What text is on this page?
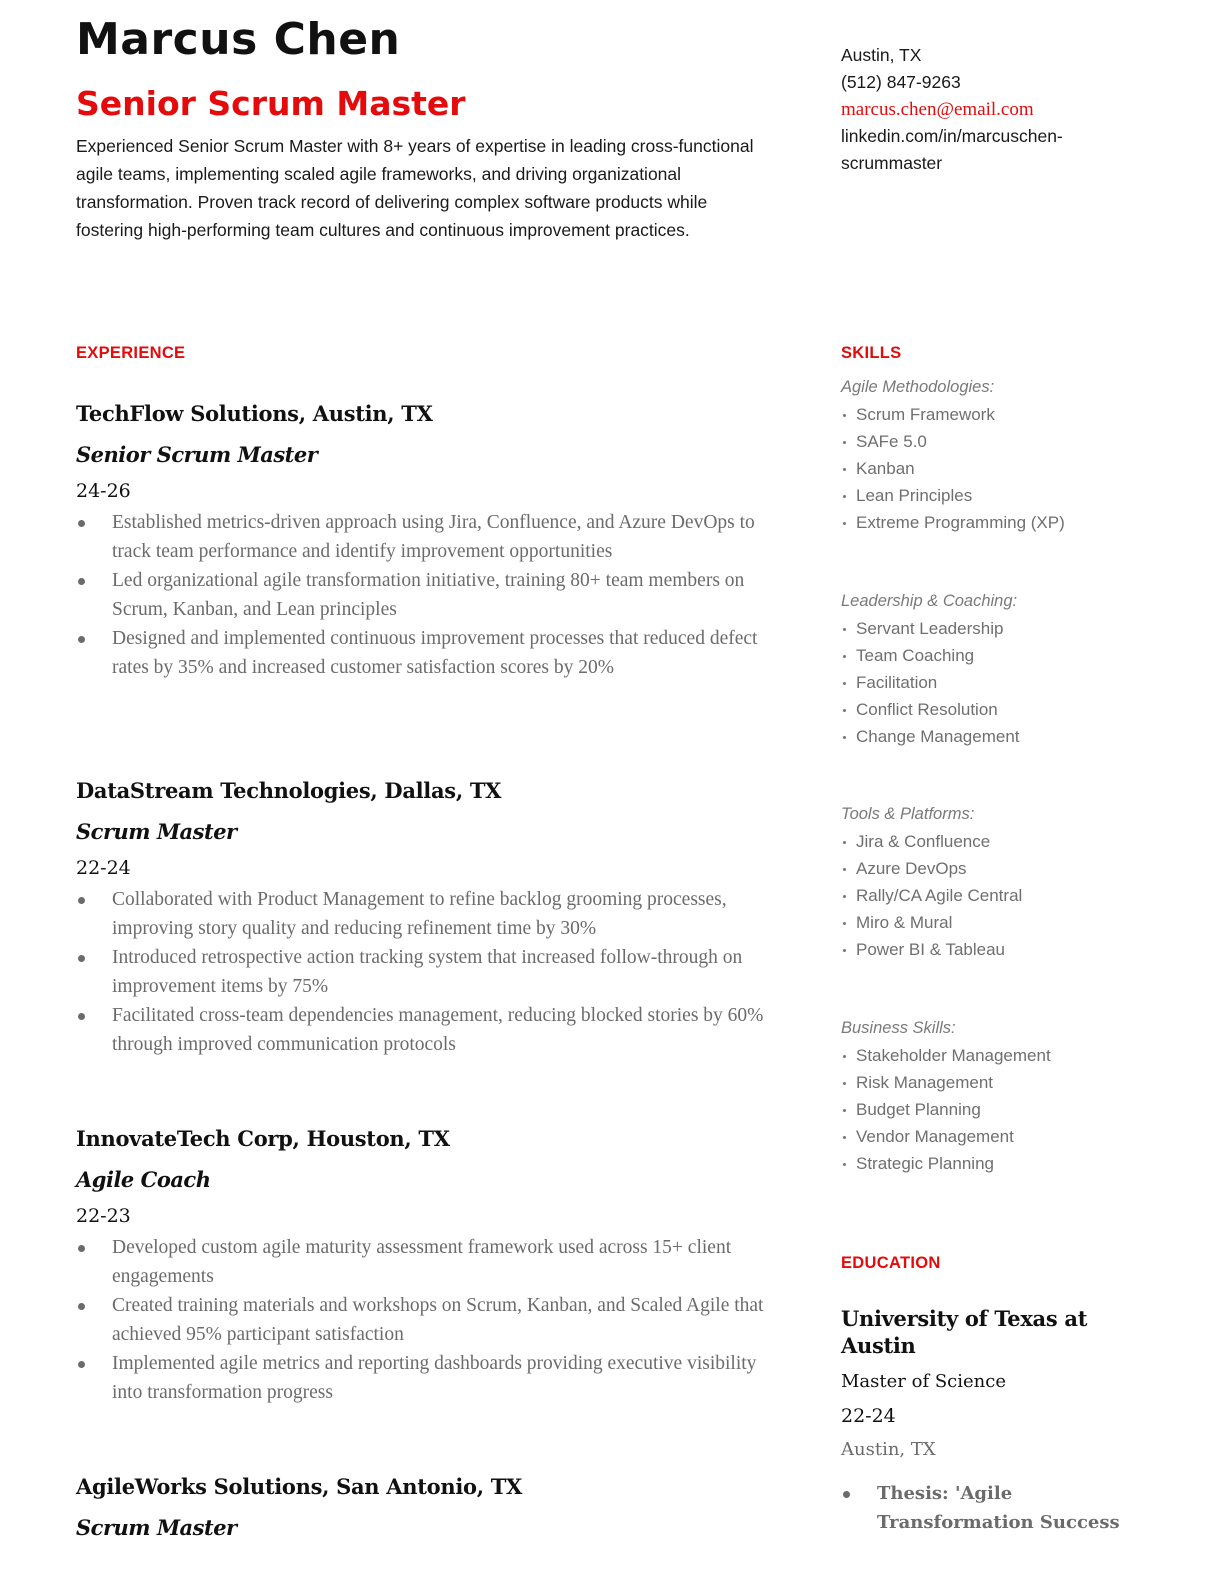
Marcus Chen
Senior Scrum Master
Experienced Senior Scrum Master with 8+ years of expertise in leading cross-functional agile teams, implementing scaled agile frameworks, and driving organizational transformation. Proven track record of delivering complex software products while fostering high-performing team cultures and continuous improvement practices.
EXPERIENCE
TechFlow Solutions, Austin, TX
Senior Scrum Master
24-26
Established metrics-driven approach using Jira, Confluence, and Azure DevOps to track team performance and identify improvement opportunities
Led organizational agile transformation initiative, training 80+ team members on Scrum, Kanban, and Lean principles
Designed and implemented continuous improvement processes that reduced defect rates by 35% and increased customer satisfaction scores by 20%
DataStream Technologies, Dallas, TX
Scrum Master
22-24
Collaborated with Product Management to refine backlog grooming processes, improving story quality and reducing refinement time by 30%
Introduced retrospective action tracking system that increased follow-through on improvement items by 75%
Facilitated cross-team dependencies management, reducing blocked stories by 60% through improved communication protocols
InnovateTech Corp, Houston, TX
Agile Coach
22-23
Developed custom agile maturity assessment framework used across 15+ client engagements
Created training materials and workshops on Scrum, Kanban, and Scaled Agile that achieved 95% participant satisfaction
Implemented agile metrics and reporting dashboards providing executive visibility into transformation progress
AgileWorks Solutions, San Antonio, TX
Scrum Master
Austin, TX
(512) 847-9263
marcus.chen@email.com
linkedin.com/in/marcuschen-
scrummaster
SKILLS
Agile Methodologies:
Scrum Framework
SAFe 5.0
Kanban
Lean Principles
Extreme Programming (XP)
Leadership & Coaching:
Servant Leadership
Team Coaching
Facilitation
Conflict Resolution
Change Management
Tools & Platforms:
Jira & Confluence
Azure DevOps
Rally/CA Agile Central
Miro & Mural
Power BI & Tableau
Business Skills:
Stakeholder Management
Risk Management
Budget Planning
Vendor Management
Strategic Planning
EDUCATION
University of Texas at Austin
Master of Science
22-24
Austin, TX
Thesis: 'Agile Transformation Success
